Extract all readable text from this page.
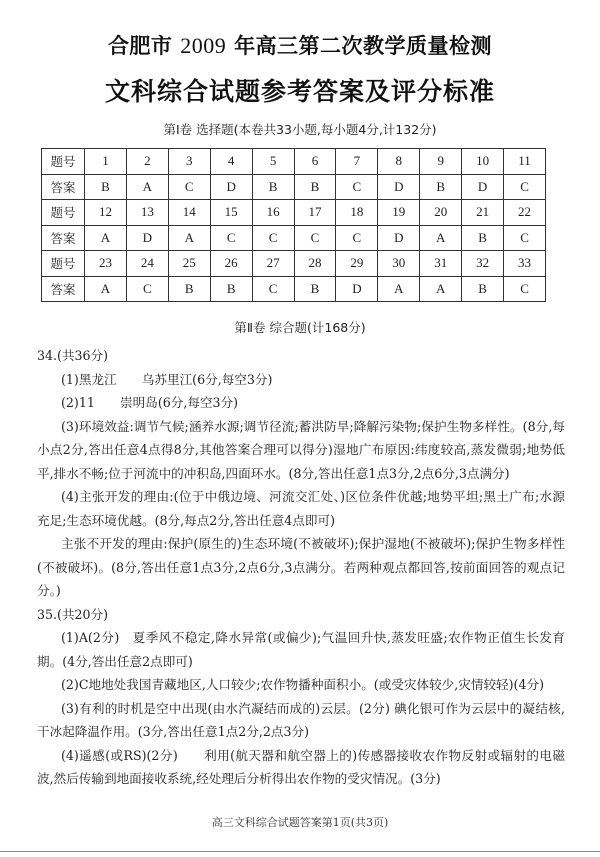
合肥市 2009 年高三第二次教学质量检测
文科综合试题参考答案及评分标准
第Ⅰ卷 选择题(本卷共33小题,每小题4分,计132分)
题号	1	2	3	4	5	6	7	8	9	10	11
答案	B	A	C	D	B	B	C	D	B	D	C
题号	12	13	14	15	16	17	18	19	20	21	22
答案	A	D	A	C	C	C	C	D	A	B	C
题号	23	24	25	26	27	28	29	30	31	32	33
答案	A	C	B	B	C	B	D	A	A	B	C
第Ⅱ卷 综合题(计168分)

34.(共36分)

(1)黑龙江　　乌苏里江(6分,每空3分)

(2)11　　崇明岛(6分,每空3分)

(3)环境效益:调节气候;涵养水源;调节径流;蓄洪防旱;降解污染物;保护生物多样性。(8分,每小点2分,答出任意4点得8分,其他答案合理可以得分)湿地广布原因:纬度较高,蒸发微弱;地势低平,排水不畅;位于河流中的冲积岛,四面环水。(8分,答出任意1点3分,2点6分,3点满分)

(4)主张开发的理由:(位于中俄边境、河流交汇处、)区位条件优越;地势平坦;黑土广布;水源充足;生态环境优越。(8分,每点2分,答出任意4点即可)

主张不开发的理由:保护(原生的)生态环境(不被破坏);保护湿地(不被破坏);保护生物多样性(不被破坏)。(8分,答出任意1点3分,2点6分,3点满分。若两种观点都回答,按前面回答的观点记分。)

35.(共20分)

(1)A(2分)　夏季风不稳定,降水异常(或偏少);气温回升快,蒸发旺盛;农作物正值生长发育期。(4分,答出任意2点即可)

(2)C地地处我国青藏地区,人口较少;农作物播种面积小。(或受灾体较少,灾情较轻)(4分)

(3)有利的时机是空中出现(由水汽凝结而成的)云层。(2分) 碘化银可作为云层中的凝结核,干冰起降温作用。(3分,答出任意1点2分,2点3分)

(4)遥感(或RS)(2分)　　利用(航天器和航空器上的)传感器接收农作物反射或辐射的电磁波,然后传输到地面接收系统,经处理后分析得出农作物的受灾情况。(3分)

高三文科综合试题答案第1页(共3页)
